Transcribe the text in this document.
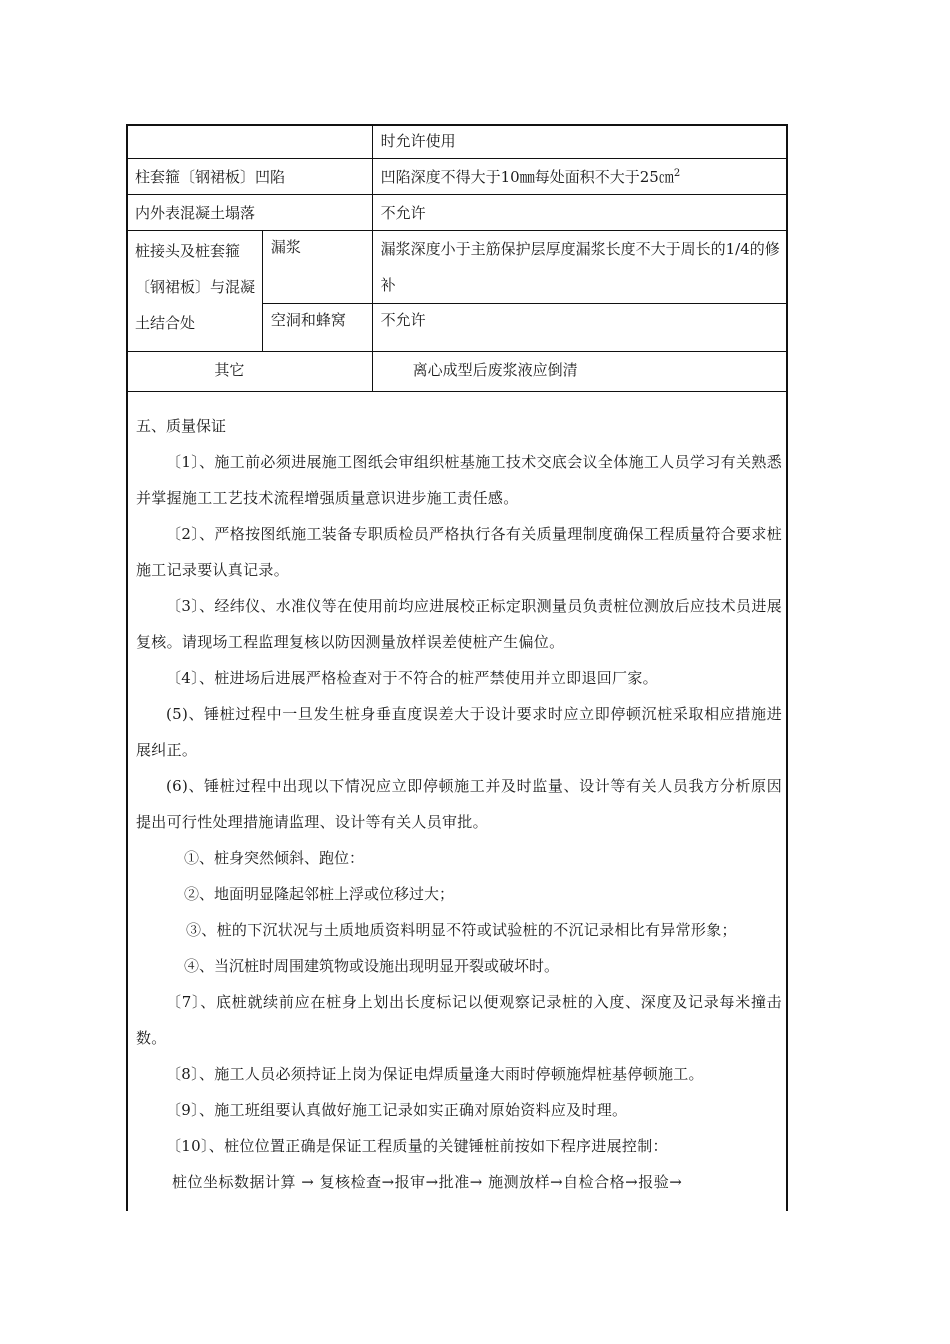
		时允许使用
柱套箍〔钢裙板〕凹陷		凹陷深度不得大于10㎜每处面积不大于25㎝$^2$
内外表混凝土塌落		不允许
桩接头及桩套箍〔钢裙板〕与混凝土结合处	漏浆	漏浆深度小于主筋保护层厚度漏浆长度不大于周长的1/4的修补
	空洞和蜂窝	不允许
其它		离心成型后废浆液应倒清
五、质量保证

〔1〕、施工前必须进展施工图纸会审组织桩基施工技术交底会议全体施工人员学习有关熟悉并掌握施工工艺技术流程增强质量意识进步施工责任感。

〔2〕、严格按图纸施工装备专职质检员严格执行各有关质量理制度确保工程质量符合要求桩施工记录要认真记录。

〔3〕、经纬仪、水准仪等在使用前均应进展校正标定职测量员负责桩位测放后应技术员进展复核。请现场工程监理复核以防因测量放样误差使桩产生偏位。

〔4〕、桩进场后进展严格检查对于不符合的桩严禁使用并立即退回厂家。

(5)、锤桩过程中一旦发生桩身垂直度误差大于设计要求时应立即停顿沉桩采取相应措施进展纠正。

(6)、锤桩过程中出现以下情况应立即停顿施工并及时监量、设计等有关人员我方分析原因提出可行性处理措施请监理、设计等有关人员审批。

①、桩身突然倾斜、跑位：

②、地面明显隆起邻桩上浮或位移过大；

③、桩的下沉状况与土质地质资料明显不符或试验桩的不沉记录相比有异常形象；

④、当沉桩时周围建筑物或设施出现明显开裂或破坏时。

〔7〕、底桩就续前应在桩身上划出长度标记以便观察记录桩的入度、深度及记录每米撞击数。

〔8〕、施工人员必须持证上岗为保证电焊质量逢大雨时停顿施焊桩基停顿施工。

〔9〕、施工班组要认真做好施工记录如实正确对原始资料应及时理。

〔10〕、桩位位置正确是保证工程质量的关键锤桩前按如下程序进展控制：

桩位坐标数据计算 → 复核检查→报审→批准→ 施测放样→自检合格→报验→
